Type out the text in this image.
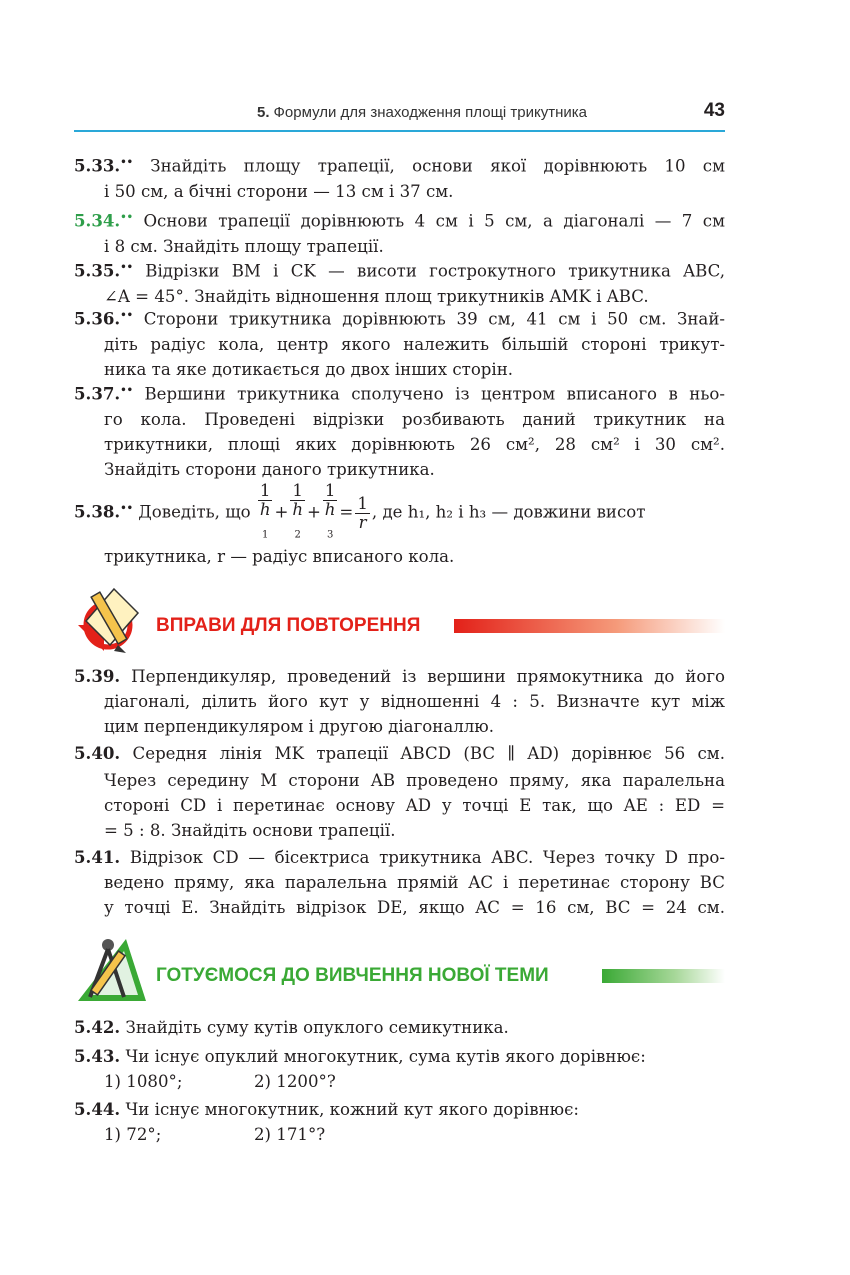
5. Формули для знаходження площі трикутника	43
5.33.•• Знайдіть площу трапеції, основи якої дорівнюють 10 см
і 50 см, а бічні сторони — 13 см і 37 см.
5.34.•• Основи трапеції дорівнюють 4 см і 5 см, а діагоналі — 7 см
і 8 см. Знайдіть площу трапеції.
5.35.•• Відрізки BM і CK — висоти гострокутного трикутника ABC,
∠A = 45°. Знайдіть відношення площ трикутників AMK і ABC.
5.36.•• Сторони трикутника дорівнюють 39 см, 41 см і 50 см. Знай-
діть радіус кола, центр якого належить більшій стороні трикут-
ника та яке дотикається до двох інших сторін.
5.37.•• Вершини трикутника сполучено із центром вписаного в ньо-
го кола. Проведені відрізки розбивають даний трикутник на
трикутники, площі яких дорівнюють 26 см², 28 см² і 30 см².
Знайдіть сторони даного трикутника.
5.38.•• Доведіть, що 1
h
$_1$ + 1
h
$_2$ + 1
h
$_3 = \frac{1}{r}$ , де h₁, h₂ і h₃ — довжини висот
трикутника, r — радіус вписаного кола.
ВПРАВИ ДЛЯ ПОВТОРЕННЯ
5.39. Перпендикуляр, проведений із вершини прямокутника до його
діагоналі, ділить його кут у відношенні 4 : 5. Визначте кут між
цим перпендикуляром і другою діагоналлю.
5.40. Середня лінія MK трапеції ABCD (BC ∥ AD) дорівнює 56 см.
Через середину M сторони AB проведено пряму, яка паралельна
стороні CD і перетинає основу AD у точці E так, що AE : ED =
= 5 : 8. Знайдіть основи трапеції.
5.41. Відрізок CD — бісектриса трикутника ABC. Через точку D про-
ведено пряму, яка паралельна прямій AC і перетинає сторону BC
у точці E. Знайдіть відрізок DE, якщо AC = 16 см, BC = 24 см.
ГОТУЄМОСЯ ДО ВИВЧЕННЯ НОВОЇ ТЕМИ
5.42. Знайдіть суму кутів опуклого семикутника.
5.43. Чи існує опуклий многокутник, сума кутів якого дорівнює:
1) 1080°;	2) 1200°?
5.44. Чи існує многокутник, кожний кут якого дорівнює:
1) 72°;	2) 171°?
